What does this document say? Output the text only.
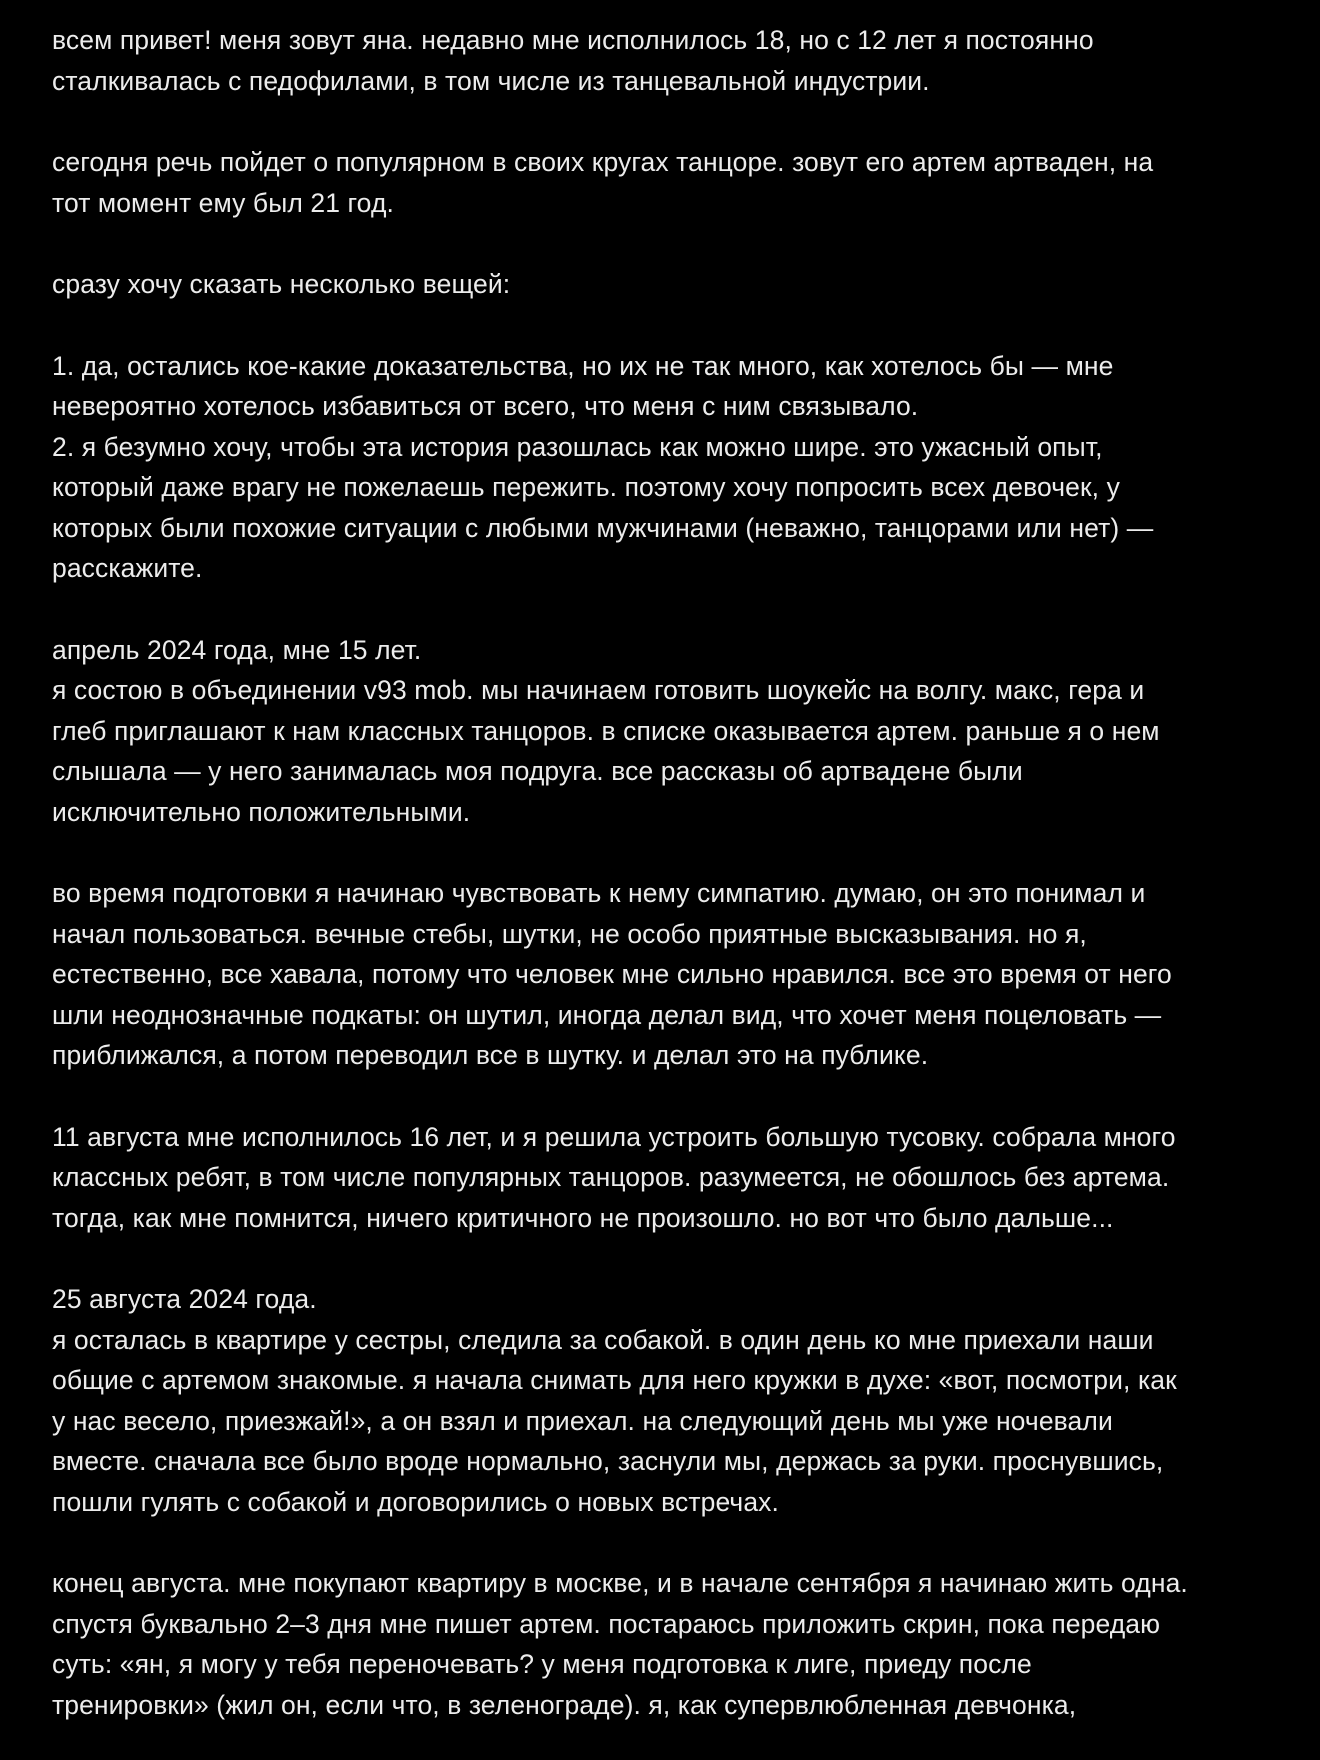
всем привет! меня зовут яна. недавно мне исполнилось 18, но с 12 лет я постоянно
сталкивалась с педофилами, в том числе из танцевальной индустрии.
сегодня речь пойдет о популярном в своих кругах танцоре. зовут его артем артваден, на
тот момент ему был 21 год.
сразу хочу сказать несколько вещей:
1. да, остались кое-какие доказательства, но их не так много, как хотелось бы — мне
невероятно хотелось избавиться от всего, что меня с ним связывало.
2. я безумно хочу, чтобы эта история разошлась как можно шире. это ужасный опыт,
который даже врагу не пожелаешь пережить. поэтому хочу попросить всех девочек, у
которых были похожие ситуации с любыми мужчинами (неважно, танцорами или нет) —
расскажите.
апрель 2024 года, мне 15 лет.
я состою в объединении v93 mob. мы начинаем готовить шоукейс на волгу. макс, гера и
глеб приглашают к нам классных танцоров. в списке оказывается артем. раньше я о нем
слышала — у него занималась моя подруга. все рассказы об артвадене были
исключительно положительными.
во время подготовки я начинаю чувствовать к нему симпатию. думаю, он это понимал и
начал пользоваться. вечные стебы, шутки, не особо приятные высказывания. но я,
естественно, все хавала, потому что человек мне сильно нравился. все это время от него
шли неоднозначные подкаты: он шутил, иногда делал вид, что хочет меня поцеловать —
приближался, а потом переводил все в шутку. и делал это на публике.
11 августа мне исполнилось 16 лет, и я решила устроить большую тусовку. собрала много
классных ребят, в том числе популярных танцоров. разумеется, не обошлось без артема.
тогда, как мне помнится, ничего критичного не произошло. но вот что было дальше...
25 августа 2024 года.
я осталась в квартире у сестры, следила за собакой. в один день ко мне приехали наши
общие с артемом знакомые. я начала снимать для него кружки в духе: «вот, посмотри, как
у нас весело, приезжай!», а он взял и приехал. на следующий день мы уже ночевали
вместе. сначала все было вроде нормально, заснули мы, держась за руки. проснувшись,
пошли гулять с собакой и договорились о новых встречах.
конец августа. мне покупают квартиру в москве, и в начале сентября я начинаю жить одна.
спустя буквально 2–3 дня мне пишет артем. постараюсь приложить скрин, пока передаю
суть: «ян, я могу у тебя переночевать? у меня подготовка к лиге, приеду после
тренировки» (жил он, если что, в зеленограде). я, как супервлюбленная девчонка,
